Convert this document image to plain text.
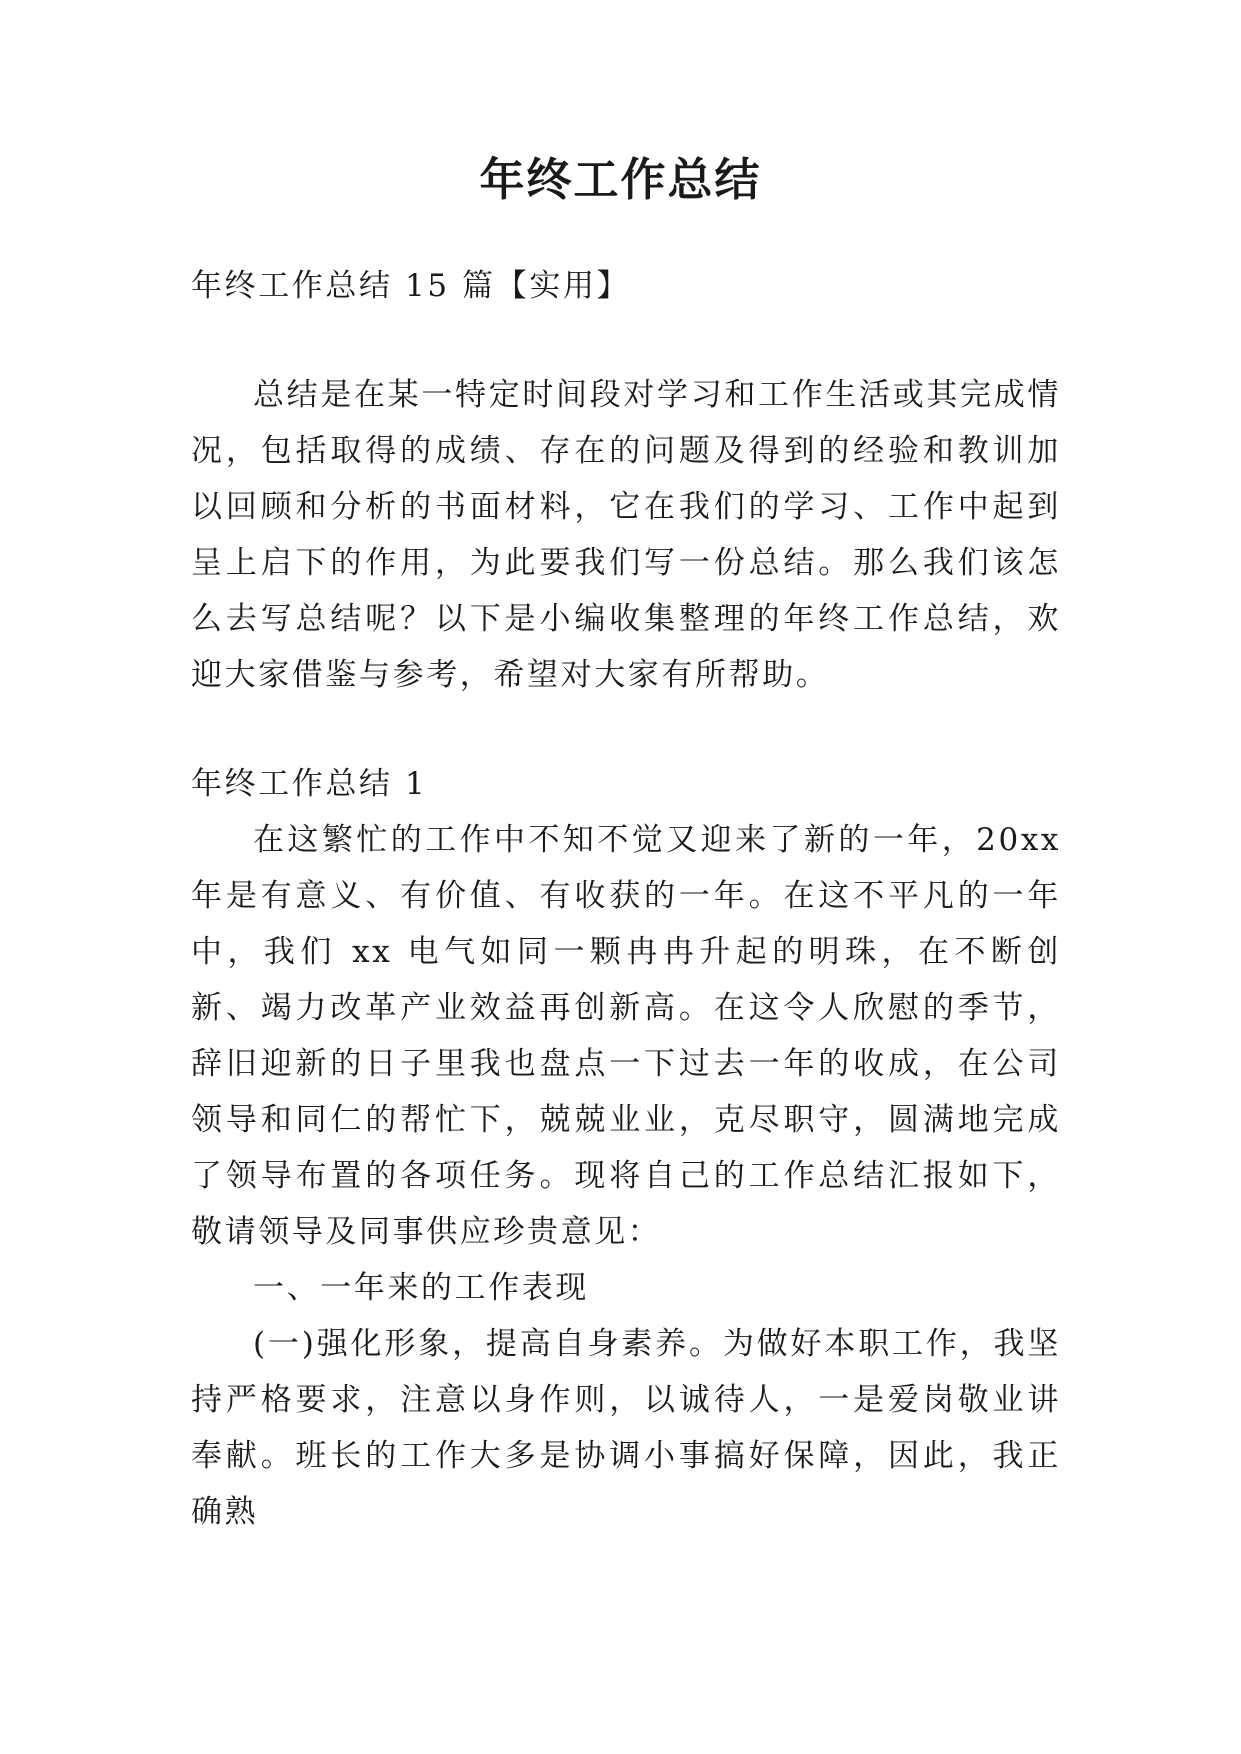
年终工作总结

年终工作总结 15 篇【实用】

总结是在某一特定时间段对学习和工作生活或其完成情况，包括取得的成绩、存在的问题及得到的经验和教训加以回顾和分析的书面材料，它在我们的学习、工作中起到呈上启下的作用，为此要我们写一份总结。那么我们该怎么去写总结呢？以下是小编收集整理的年终工作总结，欢迎大家借鉴与参考，希望对大家有所帮助。

年终工作总结 1

在这繁忙的工作中不知不觉又迎来了新的一年，20xx 年是有意义、有价值、有收获的一年。在这不平凡的一年中，我们 xx 电气如同一颗冉冉升起的明珠，在不断创新、竭力改革产业效益再创新高。在这令人欣慰的季节，辞旧迎新的日子里我也盘点一下过去一年的收成，在公司领导和同仁的帮忙下，兢兢业业，克尽职守，圆满地完成了领导布置的各项任务。现将自己的工作总结汇报如下，敬请领导及同事供应珍贵意见：

一、一年来的工作表现

(一)强化形象，提高自身素养。为做好本职工作，我坚持严格要求，注意以身作则，以诚待人，一是爱岗敬业讲奉献。班长的工作大多是协调小事搞好保障，因此，我正确熟
